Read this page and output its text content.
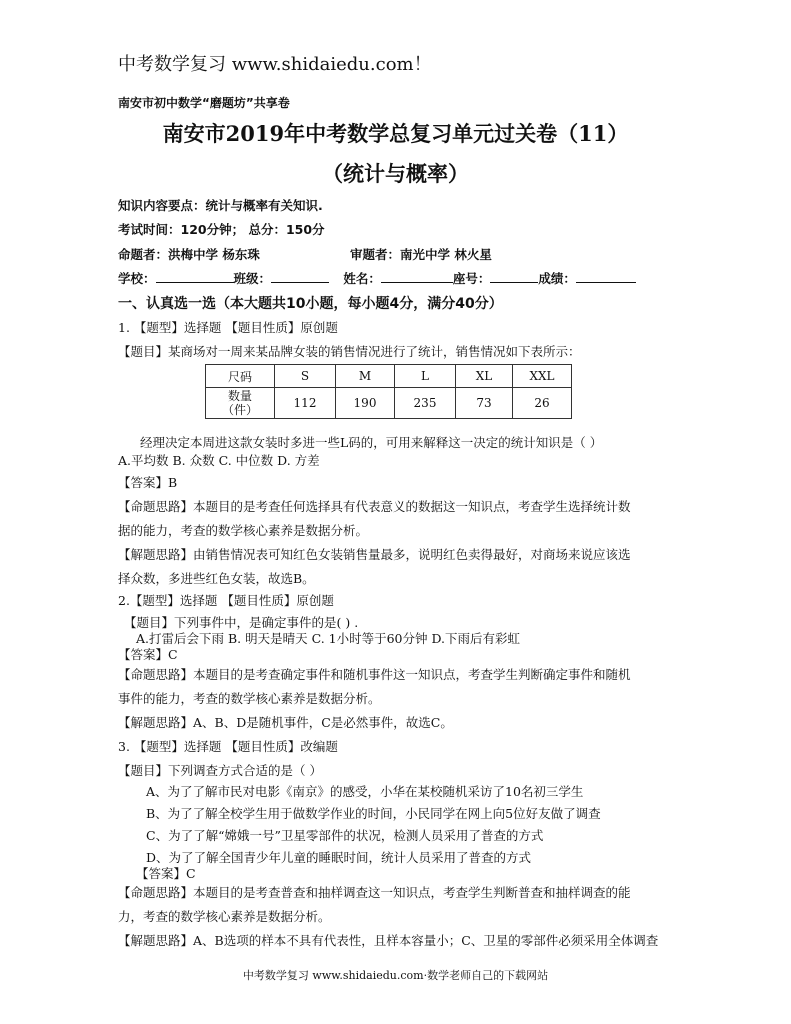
中考数学复习 www.shidaiedu.com！
南安市初中数学“磨题坊”共享卷
南安市2019年中考数学总复习单元过关卷（11）
（统计与概率）
知识内容要点：统计与概率有关知识.
考试时间：120分钟； 总分：150分
命题者：洪梅中学 杨东珠	审题者：南光中学 林火星
学校：	班级：	姓名：	座号：	成绩：
一、认真选一选（本大题共10小题，每小题4分，满分40分）
1. 【题型】选择题 【题目性质】原创题
【题目】某商场对一周来某品牌女装的销售情况进行了统计，销售情况如下表所示：
尺码	S	M	L	XL	XXL

数量
（件）	112	190	235	73	26
经理决定本周进这款女装时多进一些L码的，可用来解释这一决定的统计知识是（ ）
A.平均数 B. 众数 C. 中位数 D. 方差
【答案】B
【命题思路】本题目的是考查任何选择具有代表意义的数据这一知识点，考查学生选择统计数
据的能力，考查的数学核心素养是数据分析。
【解题思路】由销售情况表可知红色女装销售量最多，说明红色卖得最好，对商场来说应该选
择众数，多进些红色女装，故选B。
2.【题型】选择题 【题目性质】原创题
【题目】下列事件中，是确定事件的是( ) .
A.打雷后会下雨 B. 明天是晴天 C. 1小时等于60分钟 D.下雨后有彩虹
【答案】C
【命题思路】本题目的是考查确定事件和随机事件这一知识点，考查学生判断确定事件和随机
事件的能力，考查的数学核心素养是数据分析。
【解题思路】A、B、D是随机事件，C是必然事件，故选C。
3. 【题型】选择题 【题目性质】改编题
【题目】下列调查方式合适的是（ ）
A、为了了解市民对电影《南京》的感受，小华在某校随机采访了10名初三学生
B、为了了解全校学生用于做数学作业的时间，小民同学在网上向5位好友做了调查
C、为了了解“嫦娥一号”卫星零部件的状况，检测人员采用了普查的方式
D、为了了解全国青少年儿童的睡眠时间，统计人员采用了普查的方式
【答案】C
【命题思路】本题目的是考查普查和抽样调查这一知识点，考查学生判断普查和抽样调查的能
力，考查的数学核心素养是数据分析。
【解题思路】A、B选项的样本不具有代表性，且样本容量小；C、卫星的零部件必须采用全体调查
中考数学复习 www.shidaiedu.com·数学老师自己的下载网站
